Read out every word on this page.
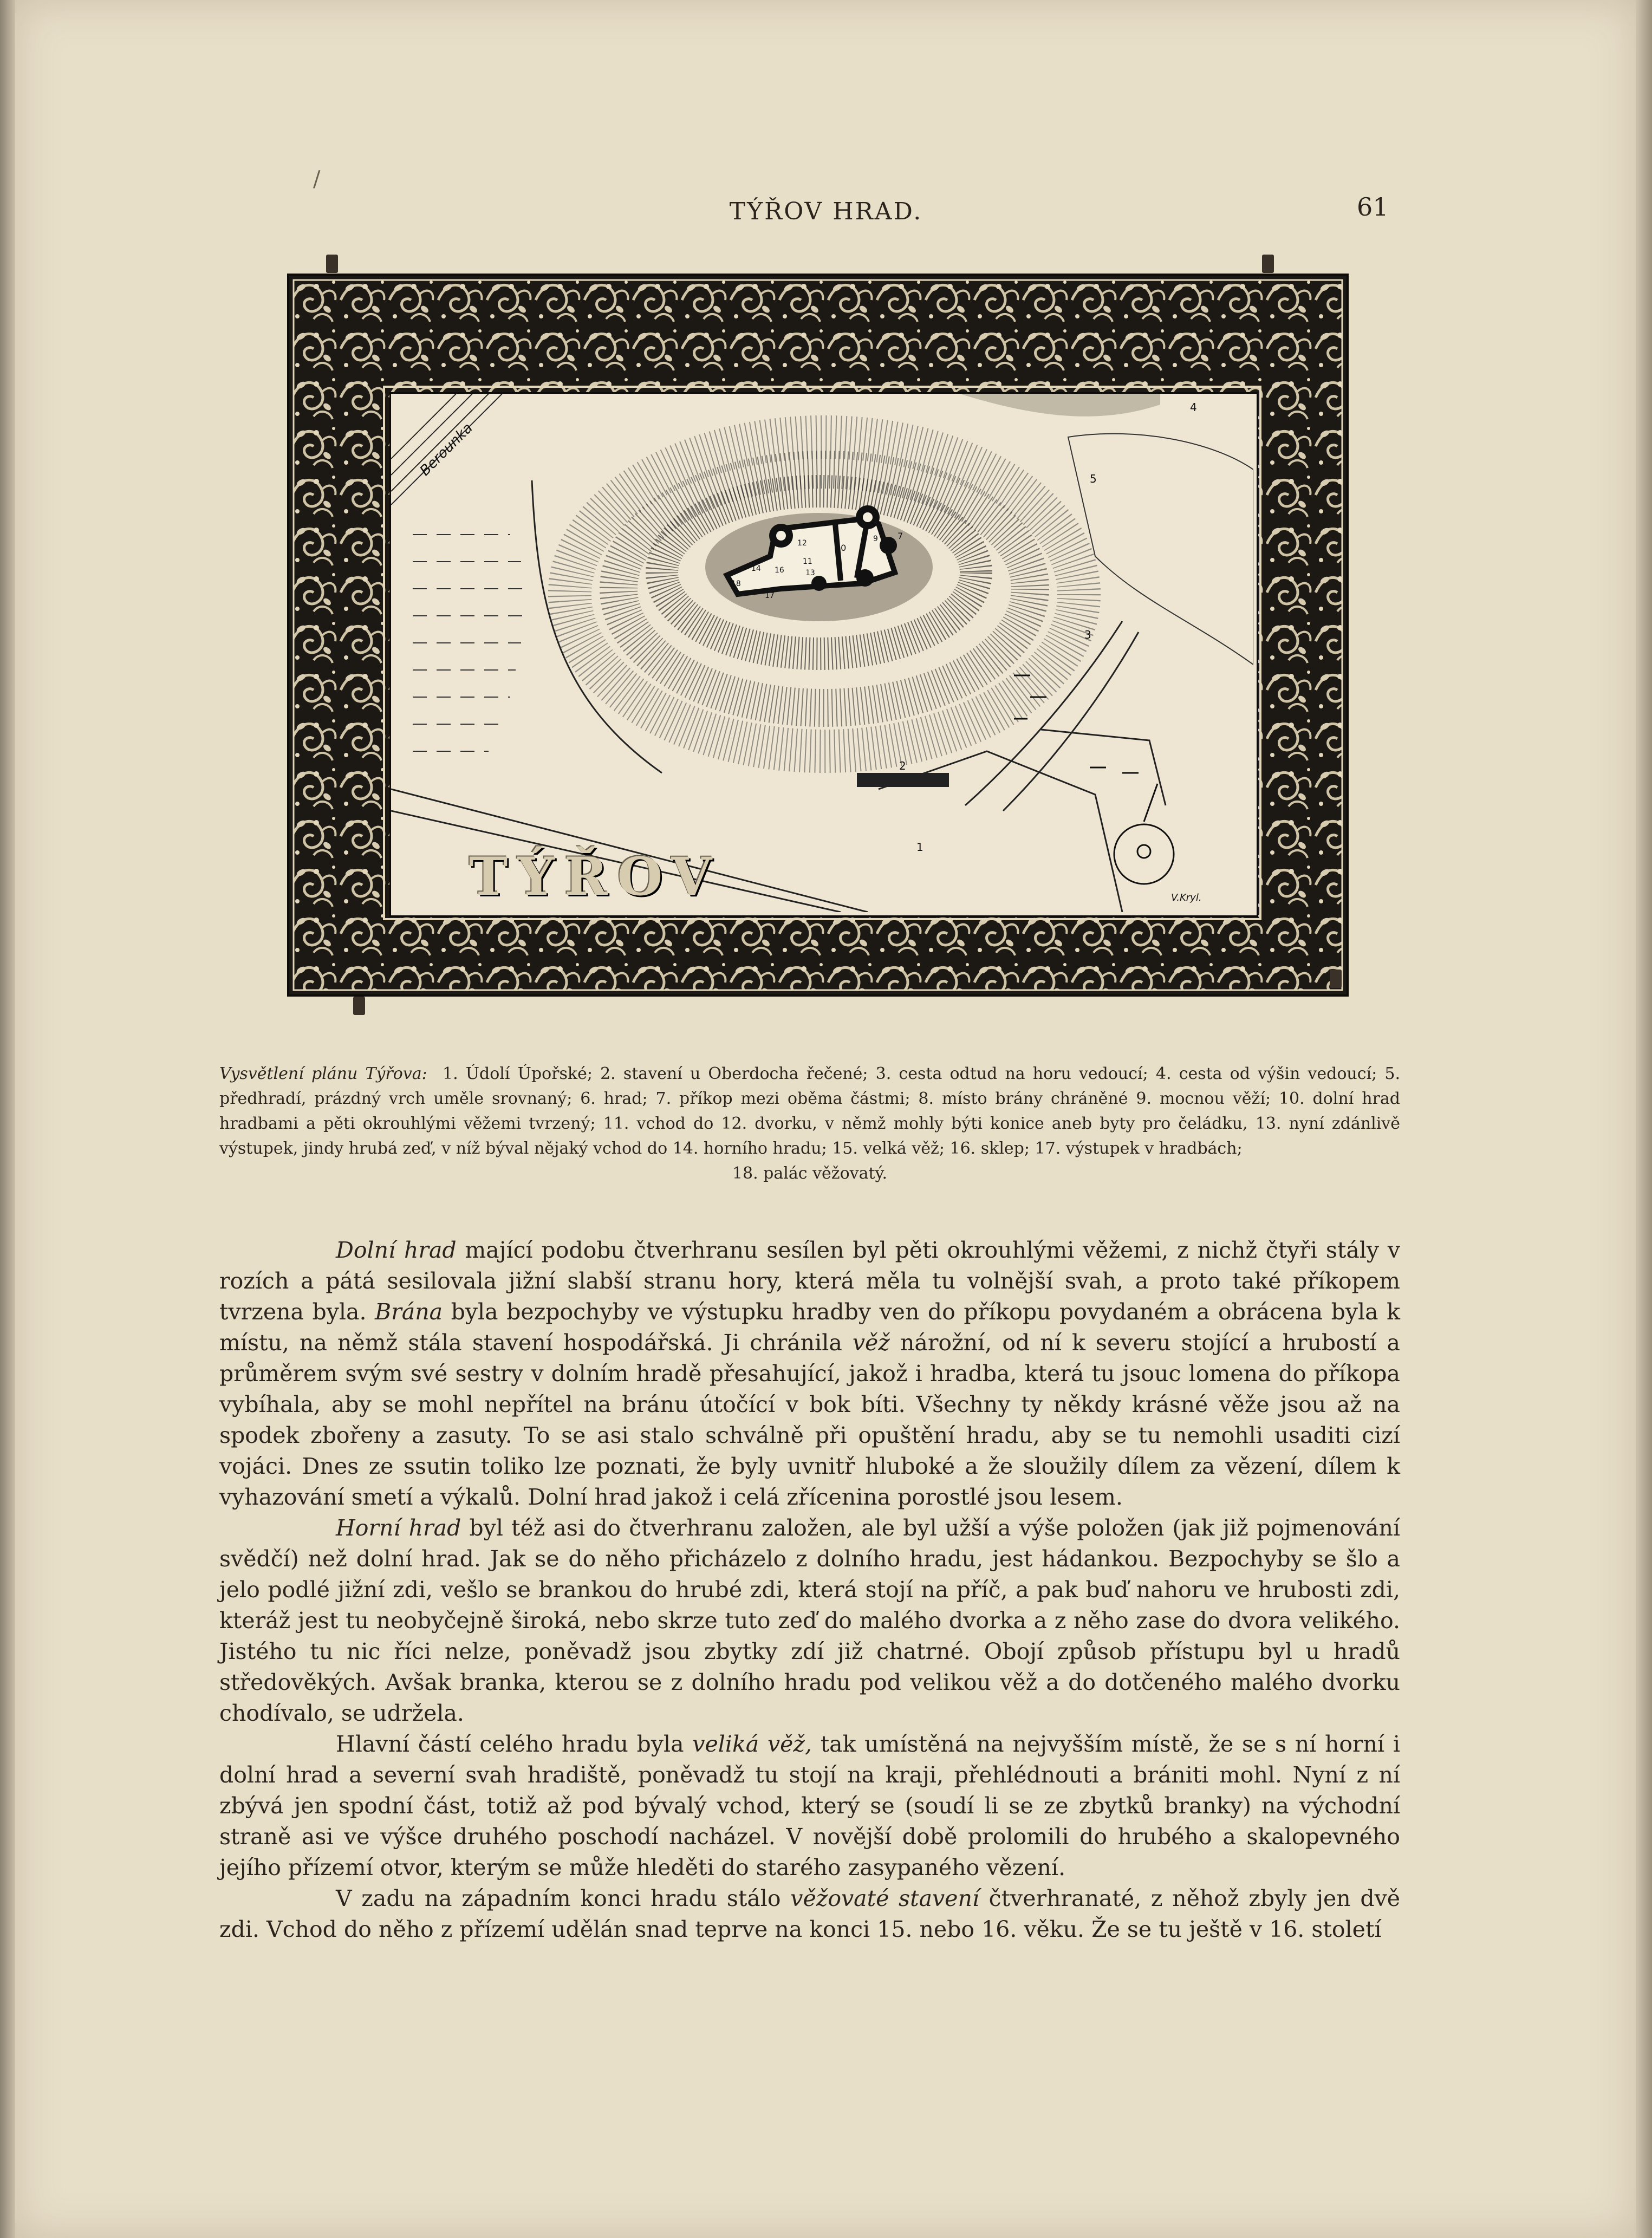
/
TÝŘOV HRAD.	61
Berounka
4
5
3
2
1
7
10
12
11
13
14 16
18
17
9
V.Kryl.
TÝŘOV

Vysvětlení plánu Týřova: 1. Údolí Úpořské; 2. stavení u Oberdocha řečené; 3. cesta odtud na horu vedoucí; 4. cesta od výšin vedoucí; 5. předhradí, prázdný vrch uměle srovnaný; 6. hrad; 7. příkop mezi oběma částmi; 8. místo brány chráněné 9. mocnou věží; 10. dolní hrad hradbami a pěti okrouhlými věžemi tvrzený; 11. vchod do 12. dvorku, v němž mohly býti konice aneb byty pro čeládku, 13. nyní zdánlivě výstupek, jindy hrubá zeď, v níž býval nějaký vchod do 14. horního hradu; 15. velká věž; 16. sklep; 17. výstupek v hradbách;

18. palác věžovatý.

Dolní hrad mající podobu čtverhranu sesílen byl pěti okrouhlými věžemi, z nichž čtyři stály v rozích a pátá sesilovala jižní slabší stranu hory, která měla tu volnější svah, a proto také příkopem tvrzena byla. Brána byla bezpochyby ve výstupku hradby ven do příkopu povydaném a obrácena byla k místu, na němž stála stavení hospodářská. Ji chránila věž nárožní, od ní k severu stojící a hrubostí a průměrem svým své sestry v dolním hradě přesahující, jakož i hradba, která tu jsouc lomena do příkopa vybíhala, aby se mohl nepřítel na bránu útočící v bok bíti. Všechny ty někdy krásné věže jsou až na spodek zbořeny a zasuty. To se asi stalo schválně při opuštění hradu, aby se tu nemohli usaditi cizí vojáci. Dnes ze ssutin toliko lze poznati, že byly uvnitř hluboké a že sloužily dílem za vězení, dílem k vyhazování smetí a výkalů. Dolní hrad jakož i celá zřícenina porostlé jsou lesem.

Horní hrad byl též asi do čtverhranu založen, ale byl užší a výše položen (jak již pojmenování svědčí) než dolní hrad. Jak se do něho přicházelo z dolního hradu, jest hádankou. Bezpochyby se šlo a jelo podlé jižní zdi, vešlo se brankou do hrubé zdi, která stojí na příč, a pak buď nahoru ve hrubosti zdi, kteráž jest tu neobyčejně široká, nebo skrze tuto zeď do malého dvorka a z něho zase do dvora velikého. Jistého tu nic říci nelze, poněvadž jsou zbytky zdí již chatrné. Obojí způsob přístupu byl u hradů středověkých. Avšak branka, kterou se z dolního hradu pod velikou věž a do dotčeného malého dvorku chodívalo, se udržela.

Hlavní částí celého hradu byla veliká věž, tak umístěná na nejvyšším místě, že se s ní horní i dolní hrad a severní svah hradiště, poněvadž tu stojí na kraji, přehlédnouti a brániti mohl. Nyní z ní zbývá jen spodní část, totiž až pod bývalý vchod, který se (soudí li se ze zbytků branky) na východní straně asi ve výšce druhého poschodí nacházel. V novější době prolomili do hrubého a skalopevného jejího přízemí otvor, kterým se může hleděti do starého zasypaného vězení.

V zadu na západním konci hradu stálo věžovaté stavení čtverhranaté, z něhož zbyly jen dvě zdi. Vchod do něho z přízemí udělán snad teprve na konci 15. nebo 16. věku. Že se tu ještě v 16. století
